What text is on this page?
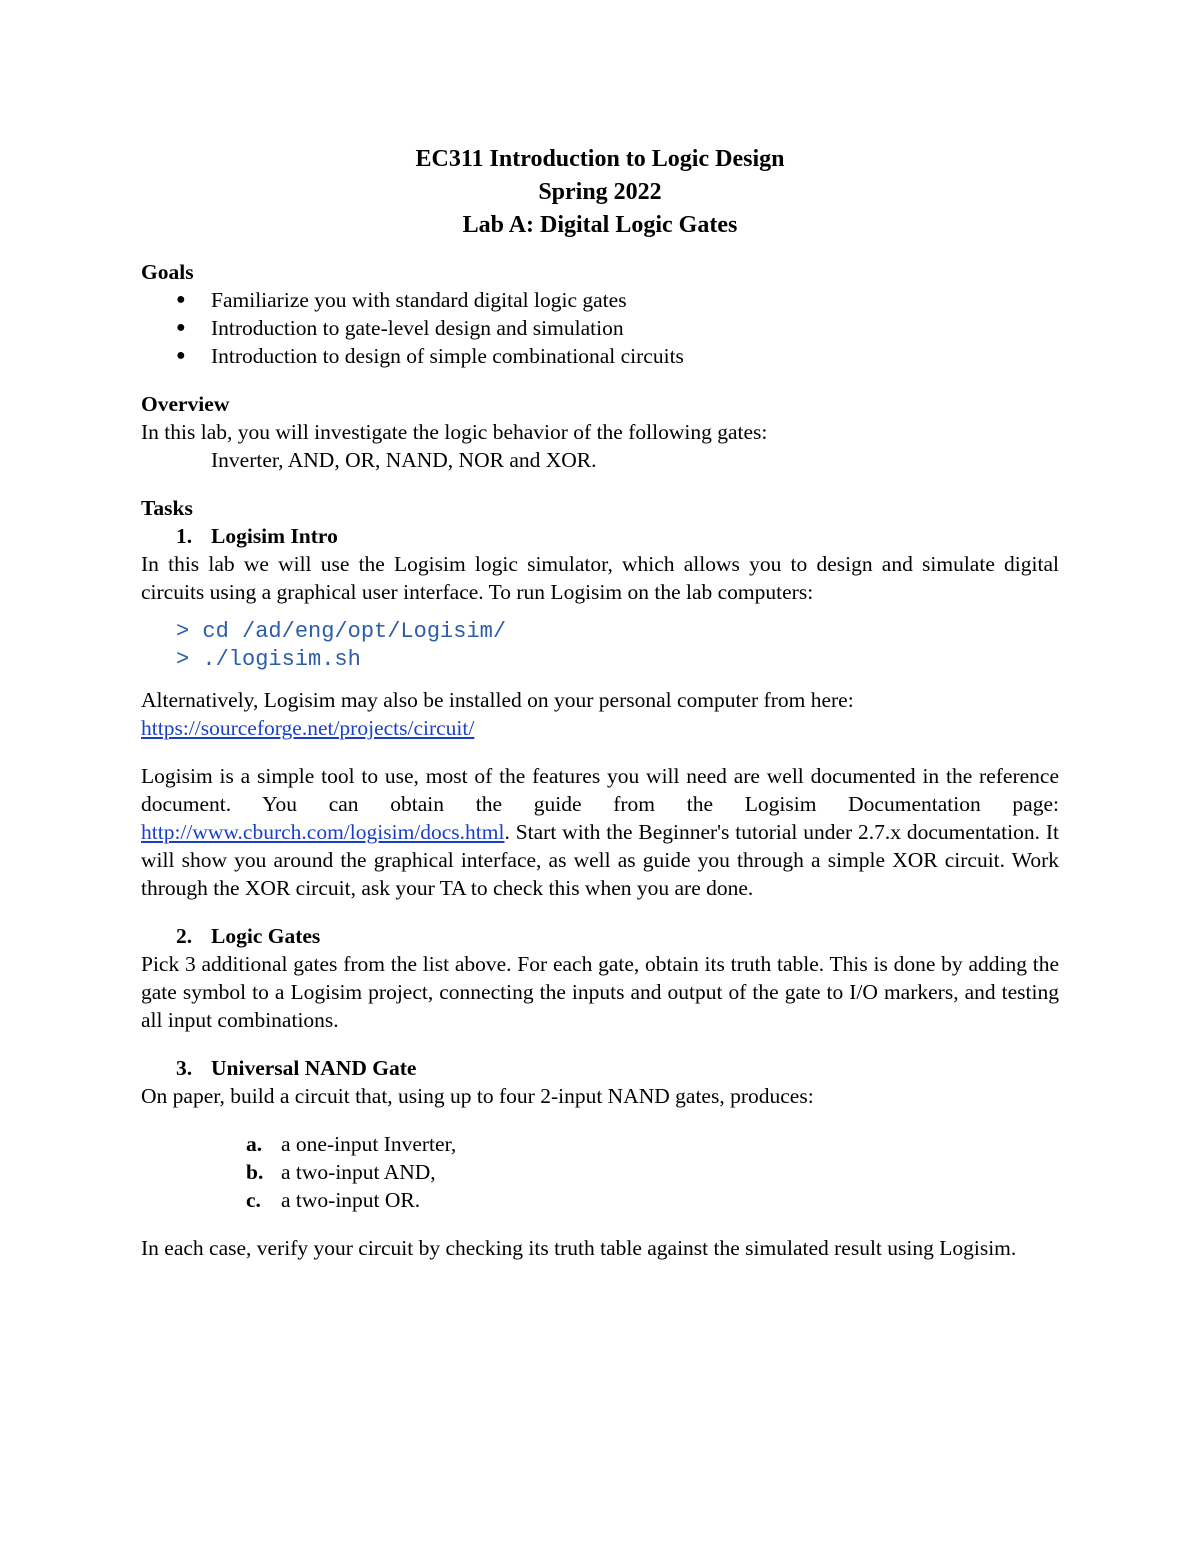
EC311 Introduction to Logic Design
Spring 2022
Lab A: Digital Logic Gates
Goals
●	Familiarize you with standard digital logic gates
●	Introduction to gate-level design and simulation
●	Introduction to design of simple combinational circuits
Overview
In this lab, you will investigate the logic behavior of the following gates:
Inverter, AND, OR, NAND, NOR and XOR.
Tasks
1. Logisim Intro
In this lab we will use the Logisim logic simulator, which allows you to design and simulate digital circuits using a graphical user interface. To run Logisim on the lab computers:
> cd /ad/eng/opt/Logisim/
> ./logisim.sh
Alternatively, Logisim may also be installed on your personal computer from here:
https://sourceforge.net/projects/circuit/
Logisim is a simple tool to use, most of the features you will need are well documented in the reference document. You can obtain the guide from the Logisim Documentation page: http://www.cburch.com/logisim/docs.html. Start with the Beginner's tutorial under 2.7.x documentation. It will show you around the graphical interface, as well as guide you through a simple XOR circuit. Work through the XOR circuit, ask your TA to check this when you are done.
2. Logic Gates
Pick 3 additional gates from the list above. For each gate, obtain its truth table. This is done by adding the gate symbol to a Logisim project, connecting the inputs and output of the gate to I/O markers, and testing all input combinations.
3. Universal NAND Gate
On paper, build a circuit that, using up to four 2-input NAND gates, produces:
a. a one-input Inverter,
b. a two-input AND,
c. a two-input OR.
In each case, verify your circuit by checking its truth table against the simulated result using Logisim.
